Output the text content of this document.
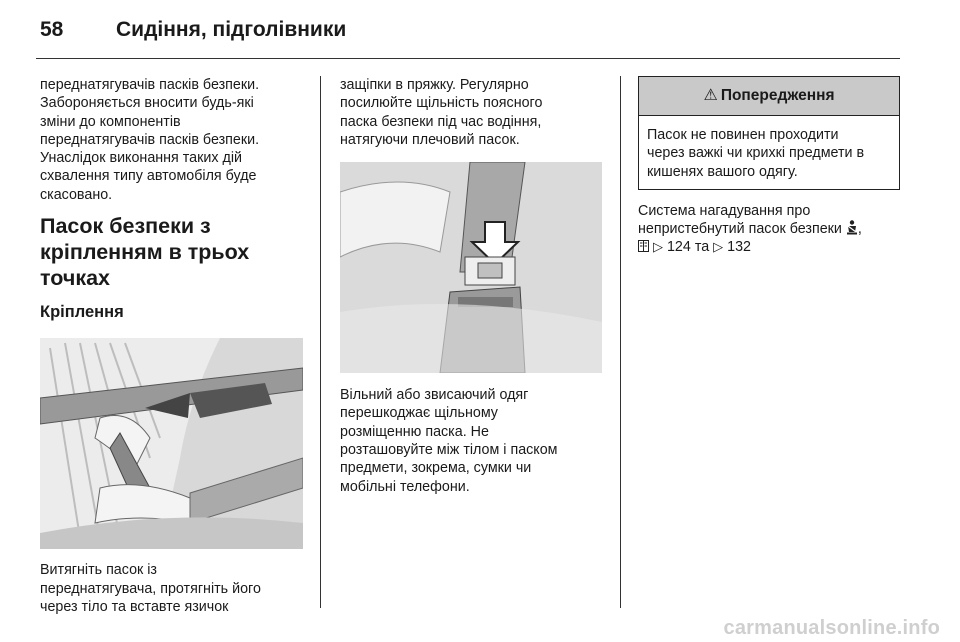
58	Сидіння, підголівники

переднатягувачів пасків безпеки.
Забороняється вносити будь-які
зміни до компонентів
переднатягувачів пасків безпеки.
Унаслідок виконання таких дій
схвалення типу автомобіля буде
скасовано.

Пасок безпеки з
кріпленням в трьох
точках
Кріплення

Витягніть пасок із
переднатягувача, протягніть його
через тіло та вставте язичок

защіпки в пряжку. Регулярно
посилюйте щільність поясного
паска безпеки під час водіння,
натягуючи плечовий пасок.

Вільний або звисаючий одяг
перешкоджає щільному
розміщенню паска. Не
розташовуйте між тілом і паском
предмети, зокрема, сумки чи
мобільні телефони.

⚠ Попередження
Пасок не повинен проходити
через важкі чи крихкі предмети в
кишенях вашого одягу.

Система нагадування про
непристебнутий пасок безпеки ,
▷ 124 та ▷ 132

carmanualsonline.info
